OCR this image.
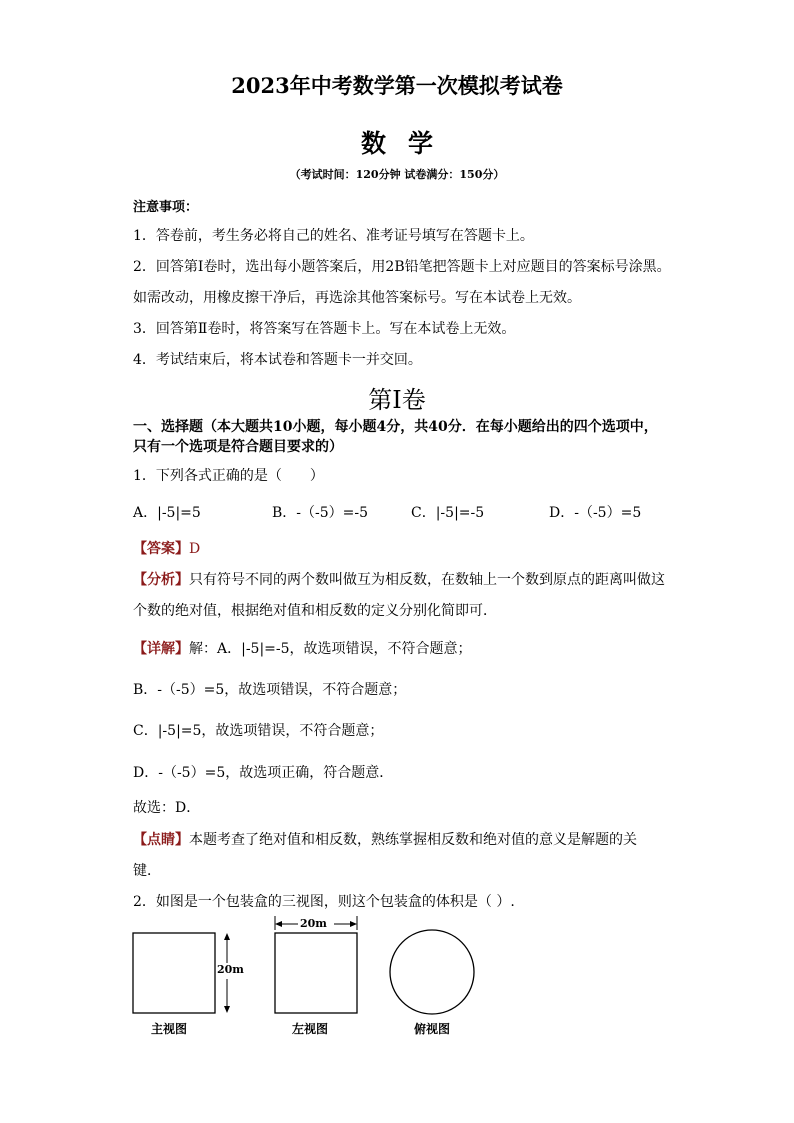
2023年中考数学第一次模拟考试卷
数学
（考试时间：120分钟 试卷满分：150分）
注意事项：
1．答卷前，考生务必将自己的姓名、准考证号填写在答题卡上。
2．回答第Ⅰ卷时，选出每小题答案后，用2B铅笔把答题卡上对应题目的答案标号涂黑。
如需改动，用橡皮擦干净后，再选涂其他答案标号。写在本试卷上无效。
3．回答第Ⅱ卷时，将答案写在答题卡上。写在本试卷上无效。
4．考试结束后，将本试卷和答题卡一并交回。
第Ⅰ卷
一、选择题（本大题共10小题，每小题4分，共40分．在每小题给出的四个选项中，
只有一个选项是符合题目要求的）
1．下列各式正确的是（　　）
A．|-5|=5	B．-（-5）=-5	C．|-5|=-5	D．-（-5）=5
【答案】D
【分析】只有符号不同的两个数叫做互为相反数，在数轴上一个数到原点的距离叫做这
个数的绝对值，根据绝对值和相反数的定义分别化简即可．
【详解】解：A．|-5|=-5，故选项错误，不符合题意；
B．-（-5）=5，故选项错误，不符合题意；
C．|-5|=5，故选项错误，不符合题意；
D．-（-5）=5，故选项正确，符合题意．
故选：D．
【点睛】本题考查了绝对值和相反数，熟练掌握相反数和绝对值的意义是解题的关
键．
2．如图是一个包装盒的三视图，则这个包装盒的体积是（ ）.
20m
20m
主视图	左视图	俯视图
